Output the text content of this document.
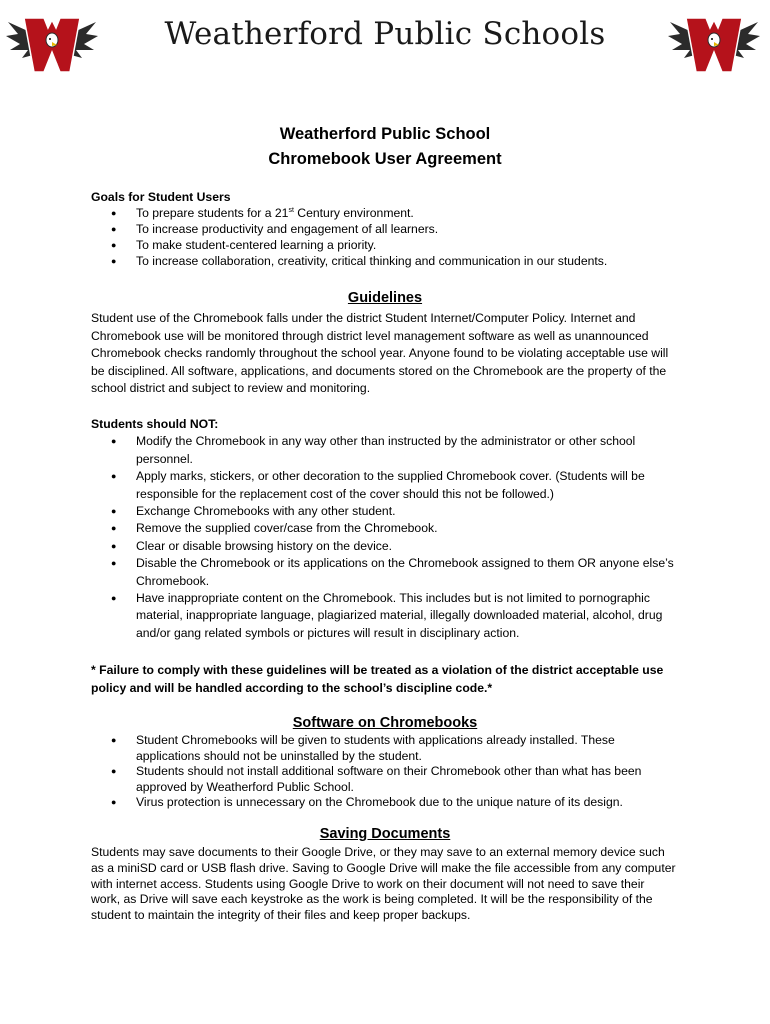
W
Weatherford Public Schools
W
Weatherford Public School
Chromebook User Agreement
Goals for Student Users
● To prepare students for a 21st Century environment.
● To increase productivity and engagement of all learners.
● To make student-centered learning a priority.
● To increase collaboration, creativity, critical thinking and communication in our students.
Guidelines

Student use of the Chromebook falls under the district Student Internet/Computer Policy. Internet and Chromebook use will be monitored through district level management software as well as unannounced Chromebook checks randomly throughout the school year. Anyone found to be violating acceptable use will be disciplined. All software, applications, and documents stored on the Chromebook are the property of the school district and subject to review and monitoring.

Students should NOT:
● Modify the Chromebook in any way other than instructed by the administrator or other school personnel.
● Apply marks, stickers, or other decoration to the supplied Chromebook cover. (Students will be responsible for the replacement cost of the cover should this not be followed.)
● Exchange Chromebooks with any other student.
● Remove the supplied cover/case from the Chromebook.
● Clear or disable browsing history on the device.
● Disable the Chromebook or its applications on the Chromebook assigned to them OR anyone else’s Chromebook.
● Have inappropriate content on the Chromebook. This includes but is not limited to pornographic material, inappropriate language, plagiarized material, illegally downloaded material, alcohol, drug and/or gang related symbols or pictures will result in disciplinary action.

* Failure to comply with these guidelines will be treated as a violation of the district acceptable use policy and will be handled according to the school’s discipline code.*

Software on Chromebooks
● Student Chromebooks will be given to students with applications already installed. These applications should not be uninstalled by the student.
● Students should not install additional software on their Chromebook other than what has been approved by Weatherford Public School.
● Virus protection is unnecessary on the Chromebook due to the unique nature of its design.
Saving Documents

Students may save documents to their Google Drive, or they may save to an external memory device such as a miniSD card or USB flash drive. Saving to Google Drive will make the file accessible from any computer with internet access. Students using Google Drive to work on their document will not need to save their work, as Drive will save each keystroke as the work is being completed. It will be the responsibility of the student to maintain the integrity of their files and keep proper backups.
